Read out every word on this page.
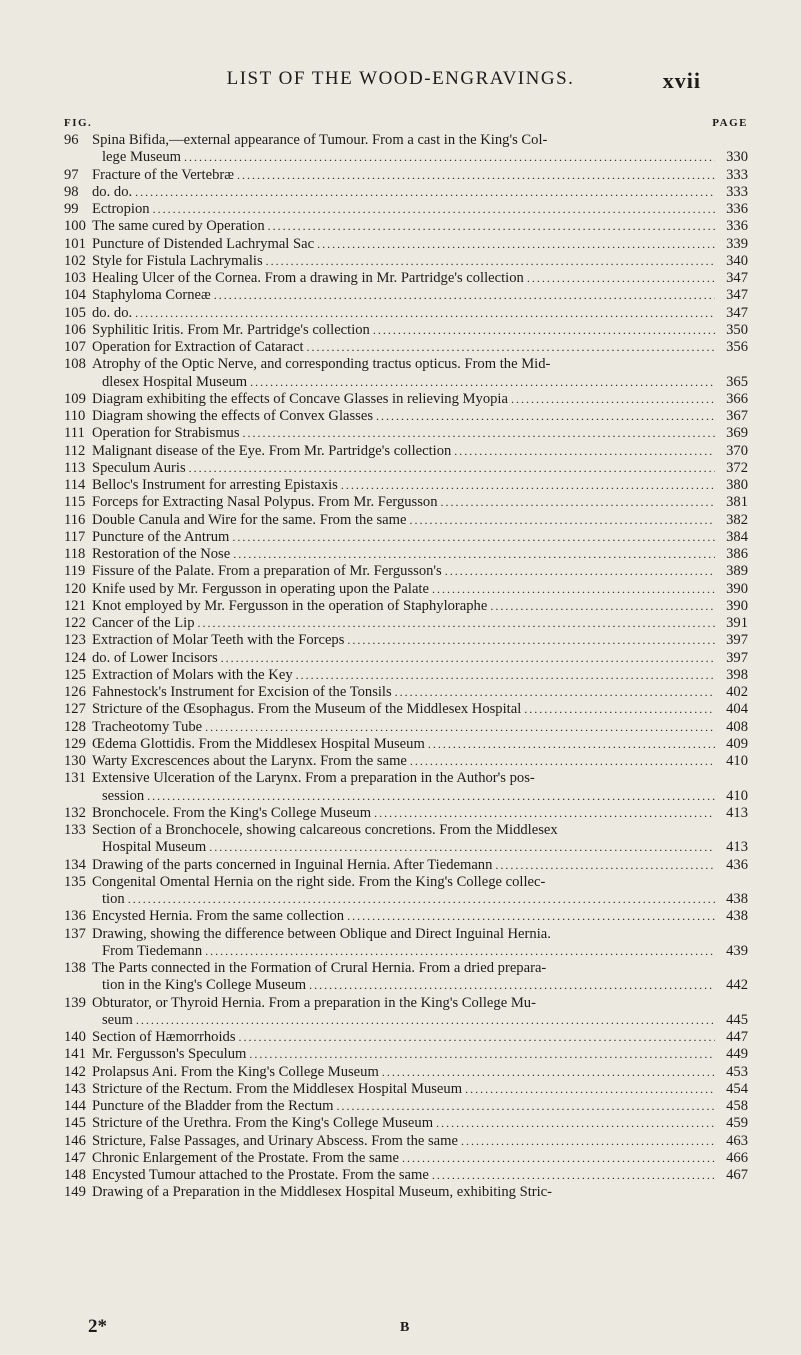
LIST OF THE WOOD-ENGRAVINGS.	xvii
FIG.	PAGE
96 Spina Bifida,—external appearance of Tumour. From a cast in the King's Col-
lege Museum .....	330
97 Fracture of the Vertebræ .....	333
98 do. do. .....	333
99 Ectropion .....	336
100 The same cured by Operation .....	336
101 Puncture of Distended Lachrymal Sac .....	339
102 Style for Fistula Lachrymalis .....	340
103 Healing Ulcer of the Cornea. From a drawing in Mr. Partridge's collection .....	347
104 Staphyloma Corneæ .....	347
105 do. do. .....	347
106 Syphilitic Iritis. From Mr. Partridge's collection .....	350
107 Operation for Extraction of Cataract .....	356
108 Atrophy of the Optic Nerve, and corresponding tractus opticus. From the Mid-
dlesex Hospital Museum .....	365
109 Diagram exhibiting the effects of Concave Glasses in relieving Myopia .....	366
110 Diagram showing the effects of Convex Glasses .....	367
111 Operation for Strabismus .....	369
112 Malignant disease of the Eye. From Mr. Partridge's collection .....	370
113 Speculum Auris .....	372
114 Belloc's Instrument for arresting Epistaxis .....	380
115 Forceps for Extracting Nasal Polypus. From Mr. Fergusson .....	381
116 Double Canula and Wire for the same. From the same .....	382
117 Puncture of the Antrum .....	384
118 Restoration of the Nose .....	386
119 Fissure of the Palate. From a preparation of Mr. Fergusson's .....	389
120 Knife used by Mr. Fergusson in operating upon the Palate .....	390
121 Knot employed by Mr. Fergusson in the operation of Staphyloraphe .....	390
122 Cancer of the Lip .....	391
123 Extraction of Molar Teeth with the Forceps .....	397
124 do. of Lower Incisors .....	397
125 Extraction of Molars with the Key .....	398
126 Fahnestock's Instrument for Excision of the Tonsils .....	402
127 Stricture of the Œsophagus. From the Museum of the Middlesex Hospital .....	404
128 Tracheotomy Tube .....	408
129 Œdema Glottidis. From the Middlesex Hospital Museum .....	409
130 Warty Excrescences about the Larynx. From the same .....	410
131 Extensive Ulceration of the Larynx. From a preparation in the Author's pos-
session .....	410
132 Bronchocele. From the King's College Museum .....	413
133 Section of a Bronchocele, showing calcareous concretions. From the Middlesex
Hospital Museum .....	413
134 Drawing of the parts concerned in Inguinal Hernia. After Tiedemann .....	436
135 Congenital Omental Hernia on the right side. From the King's College collec-
tion .....	438
136 Encysted Hernia. From the same collection .....	438
137 Drawing, showing the difference between Oblique and Direct Inguinal Hernia.
From Tiedemann .....	439
138 The Parts connected in the Formation of Crural Hernia. From a dried prepara-
tion in the King's College Museum .....	442
139 Obturator, or Thyroid Hernia. From a preparation in the King's College Mu-
seum .....	445
140 Section of Hæmorrhoids .....	447
141 Mr. Fergusson's Speculum .....	449
142 Prolapsus Ani. From the King's College Museum .....	453
143 Stricture of the Rectum. From the Middlesex Hospital Museum .....	454
144 Puncture of the Bladder from the Rectum .....	458
145 Stricture of the Urethra. From the King's College Museum .....	459
146 Stricture, False Passages, and Urinary Abscess. From the same .....	463
147 Chronic Enlargement of the Prostate. From the same .....	466
148 Encysted Tumour attached to the Prostate. From the same .....	467
149 Drawing of a Preparation in the Middlesex Hospital Museum, exhibiting Stric-
2*	B
